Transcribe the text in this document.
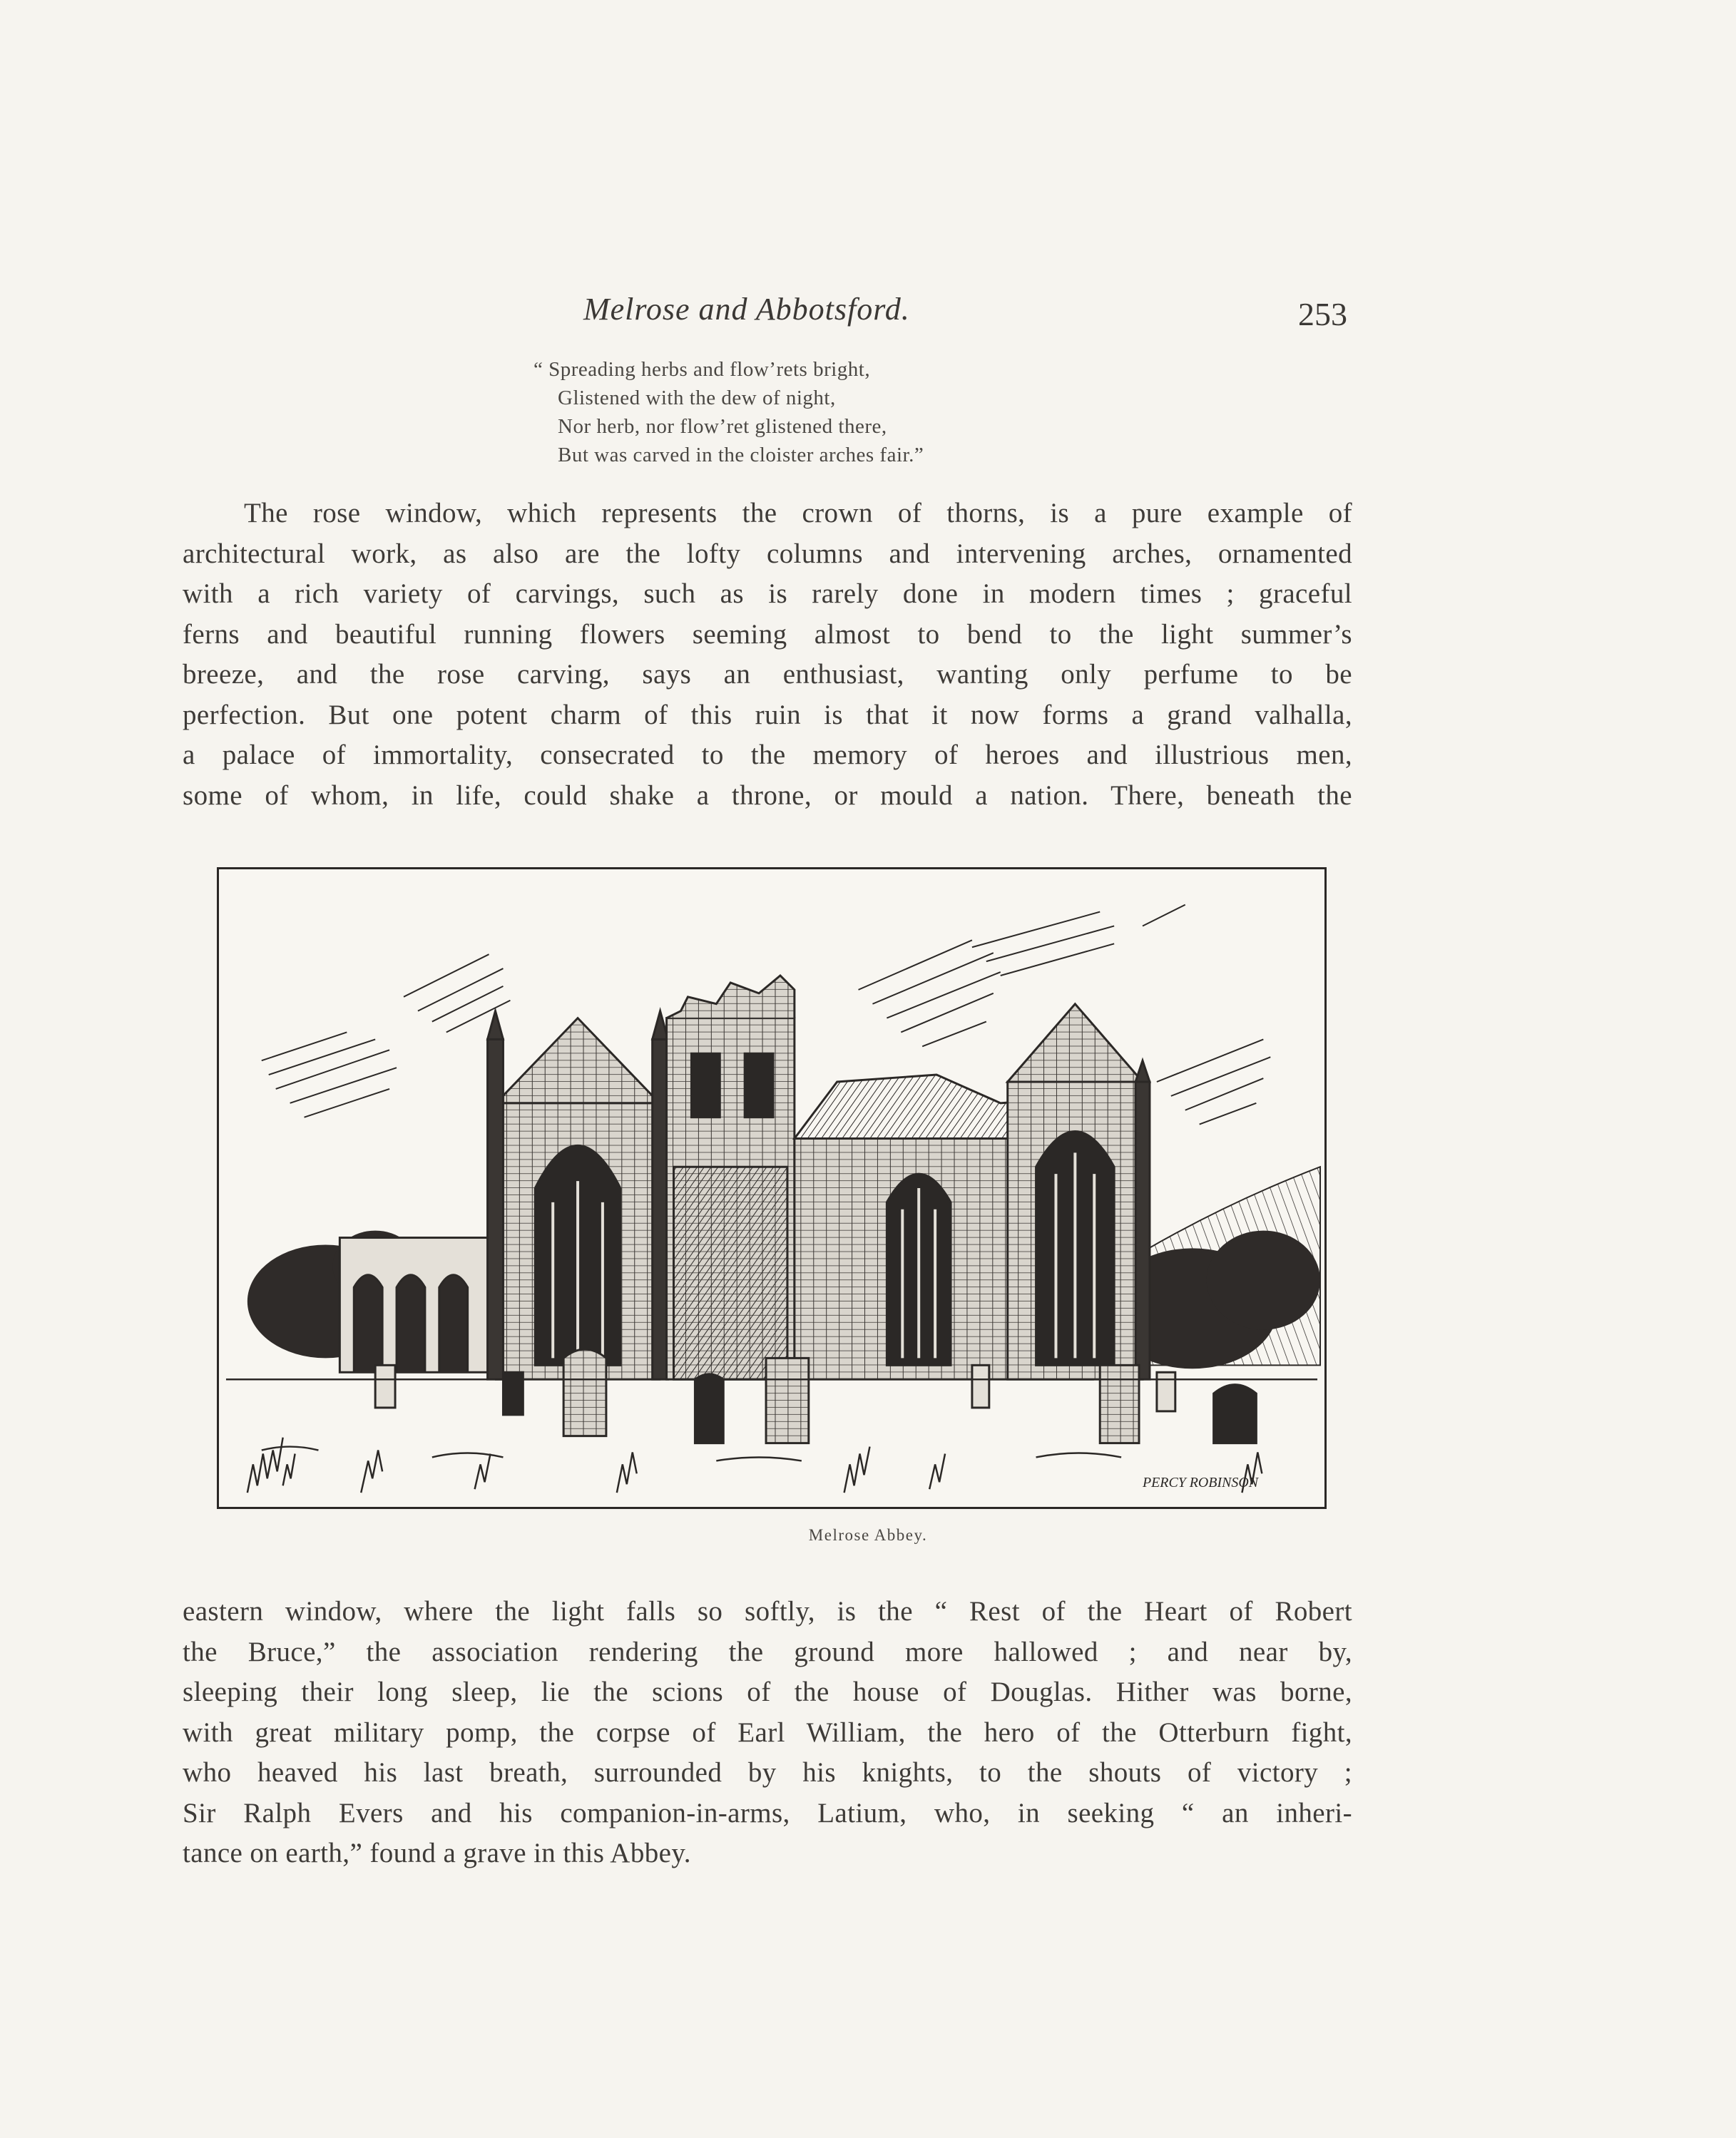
Melrose and Abbotsford.	253
“ Spreading herbs and flow’rets bright,
Glistened with the dew of night,
Nor herb, nor flow’ret glistened there,
But was carved in the cloister arches fair.”
The rose window, which represents the crown of thorns, is a pure example of
architectural work, as also are the lofty columns and intervening arches, ornamented
with a rich variety of carvings, such as is rarely done in modern times ; graceful
ferns and beautiful running flowers seeming almost to bend to the light summer’s
breeze, and the rose carving, says an enthusiast, wanting only perfume to be
perfection. But one potent charm of this ruin is that it now forms a grand valhalla,
a palace of immortality, consecrated to the memory of heroes and illustrious men,
some of whom, in life, could shake a throne, or mould a nation. There, beneath the
PERCY ROBINSON
Melrose Abbey.
eastern window, where the light falls so softly, is the “ Rest of the Heart of Robert
the Bruce,” the association rendering the ground more hallowed ; and near by,
sleeping their long sleep, lie the scions of the house of Douglas. Hither was borne,
with great military pomp, the corpse of Earl William, the hero of the Otterburn fight,
who heaved his last breath, surrounded by his knights, to the shouts of victory ;
Sir Ralph Evers and his companion-in-arms, Latium, who, in seeking “ an inheri-
tance on earth,” found a grave in this Abbey.
